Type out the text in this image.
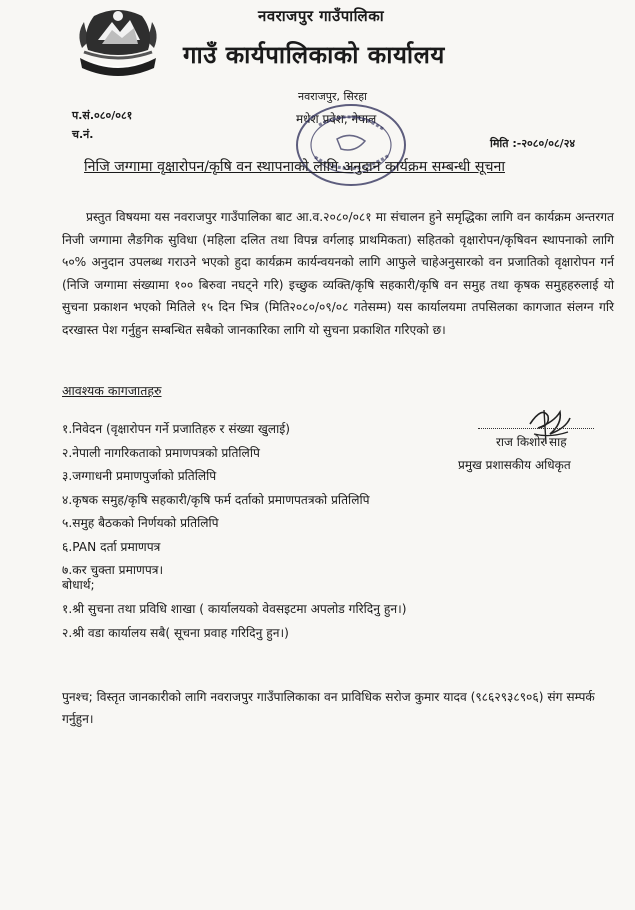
नवराजपुर गाउँपालिका
गाउँ कार्यपालिकाको कार्यालय
नवराजपुर, सिरहा
मधेश प्रदेश, नेपाल
प.सं.०८०/०८१
च.नं.
मिति :-२०८०/०८/२४
निजि जग्गामा वृक्षारोपन/कृषि वन स्थापनाको लागि अनुदान कार्यक्रम सम्बन्धी सूचना

प्रस्तुत विषयमा यस नवराजपुर गाउँपालिका बाट आ.व.२०८०/०८१ मा संचालन हुने समृद्धिका लागि वन कार्यक्रम अन्तरगत निजी जग्गामा लैङगिक सुविधा (महिला दलित तथा विपन्न वर्गलाइ प्राथमिकता) सहितको वृक्षारोपन/कृषिवन स्थापनाको लागि ५०% अनुदान उपलब्ध गराउने भएको हुदा कार्यक्रम कार्यन्वयनको लागि आफुले चाहेअनुसारको वन प्रजातिको वृक्षारोपन गर्न (निजि जग्गामा संख्यामा १०० बिरुवा नघट्ने गरि) इच्छुक व्यक्ति/कृषि सहकारी/कृषि वन समुह तथा कृषक समुहहरुलाई यो सुचना प्रकाशन भएको मितिले १५ दिन भित्र (मिति२०८०/०९/०८ गतेसम्म) यस कार्यालयमा तपसिलका कागजात संलग्न गरि दरखास्त पेश गर्नुहुन सम्बन्धित सबैको जानकारिका लागि यो सुचना प्रकाशित गरिएको छ।

आवश्यक कागजातहरु
१.निवेदन (वृक्षारोपन गर्ने प्रजातिहरु र संख्या खुलाई)
२.नेपाली नागरिकताको प्रमाणपत्रको प्रतिलिपि
३.जग्गाधनी प्रमाणपुर्जाको प्रतिलिपि
४.कृषक समुह/कृषि सहकारी/कृषि फर्म दर्ताको प्रमाणपतत्रको प्रतिलिपि
५.समुह बैठकको निर्णयको प्रतिलिपि
६.PAN दर्ता प्रमाणपत्र
७.कर चुक्ता प्रमाणपत्र।
बोधार्थ;
१.श्री सुचना तथा प्रविधि शाखा ( कार्यालयको वेवसइटमा अपलोड गरिदिनु हुन।)
२.श्री वडा कार्यालय सबै( सूचना प्रवाह गरिदिनु हुन।)
राज किशोर साह
प्रमुख प्रशासकीय अधिकृत

पुनश्च; विस्तृत जानकारीको लागि नवराजपुर गाउँपालिकाका वन प्राविधिक सरोज कुमार यादव (९८६२९३८९०६) संग सम्पर्क गर्नुहुन।
